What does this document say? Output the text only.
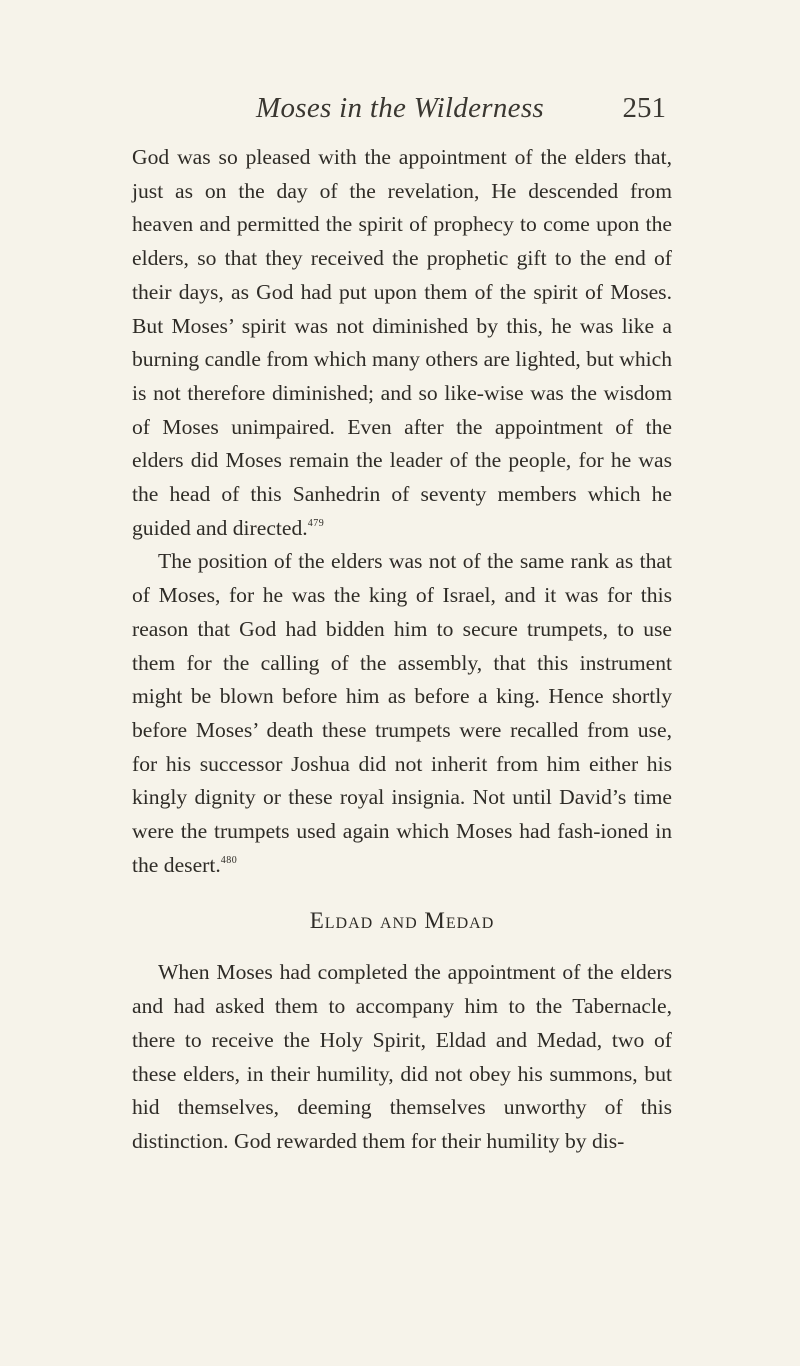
Moses in the Wilderness	251

God was so pleased with the appointment of the elders that, just as on the day of the revelation, He descended from heaven and permitted the spirit of prophecy to come upon the elders, so that they received the prophetic gift to the end of their days, as God had put upon them of the spirit of Moses. But Moses’ spirit was not diminished by this, he was like a burning candle from which many others are lighted, but which is not therefore diminished; and so like-wise was the wisdom of Moses unimpaired. Even after the appointment of the elders did Moses remain the leader of the people, for he was the head of this Sanhedrin of seventy members which he guided and directed.$^{479}$

The position of the elders was not of the same rank as that of Moses, for he was the king of Israel, and it was for this reason that God had bidden him to secure trumpets, to use them for the calling of the assembly, that this instrument might be blown before him as before a king. Hence shortly before Moses’ death these trumpets were recalled from use, for his successor Joshua did not inherit from him either his kingly dignity or these royal insignia. Not until David’s time were the trumpets used again which Moses had fash-ioned in the desert.$^{480}$

Eldad and Medad

When Moses had completed the appointment of the elders and had asked them to accompany him to the Tabernacle, there to receive the Holy Spirit, Eldad and Medad, two of these elders, in their humility, did not obey his summons, but hid themselves, deeming themselves unworthy of this distinction. God rewarded them for their humility by dis-
